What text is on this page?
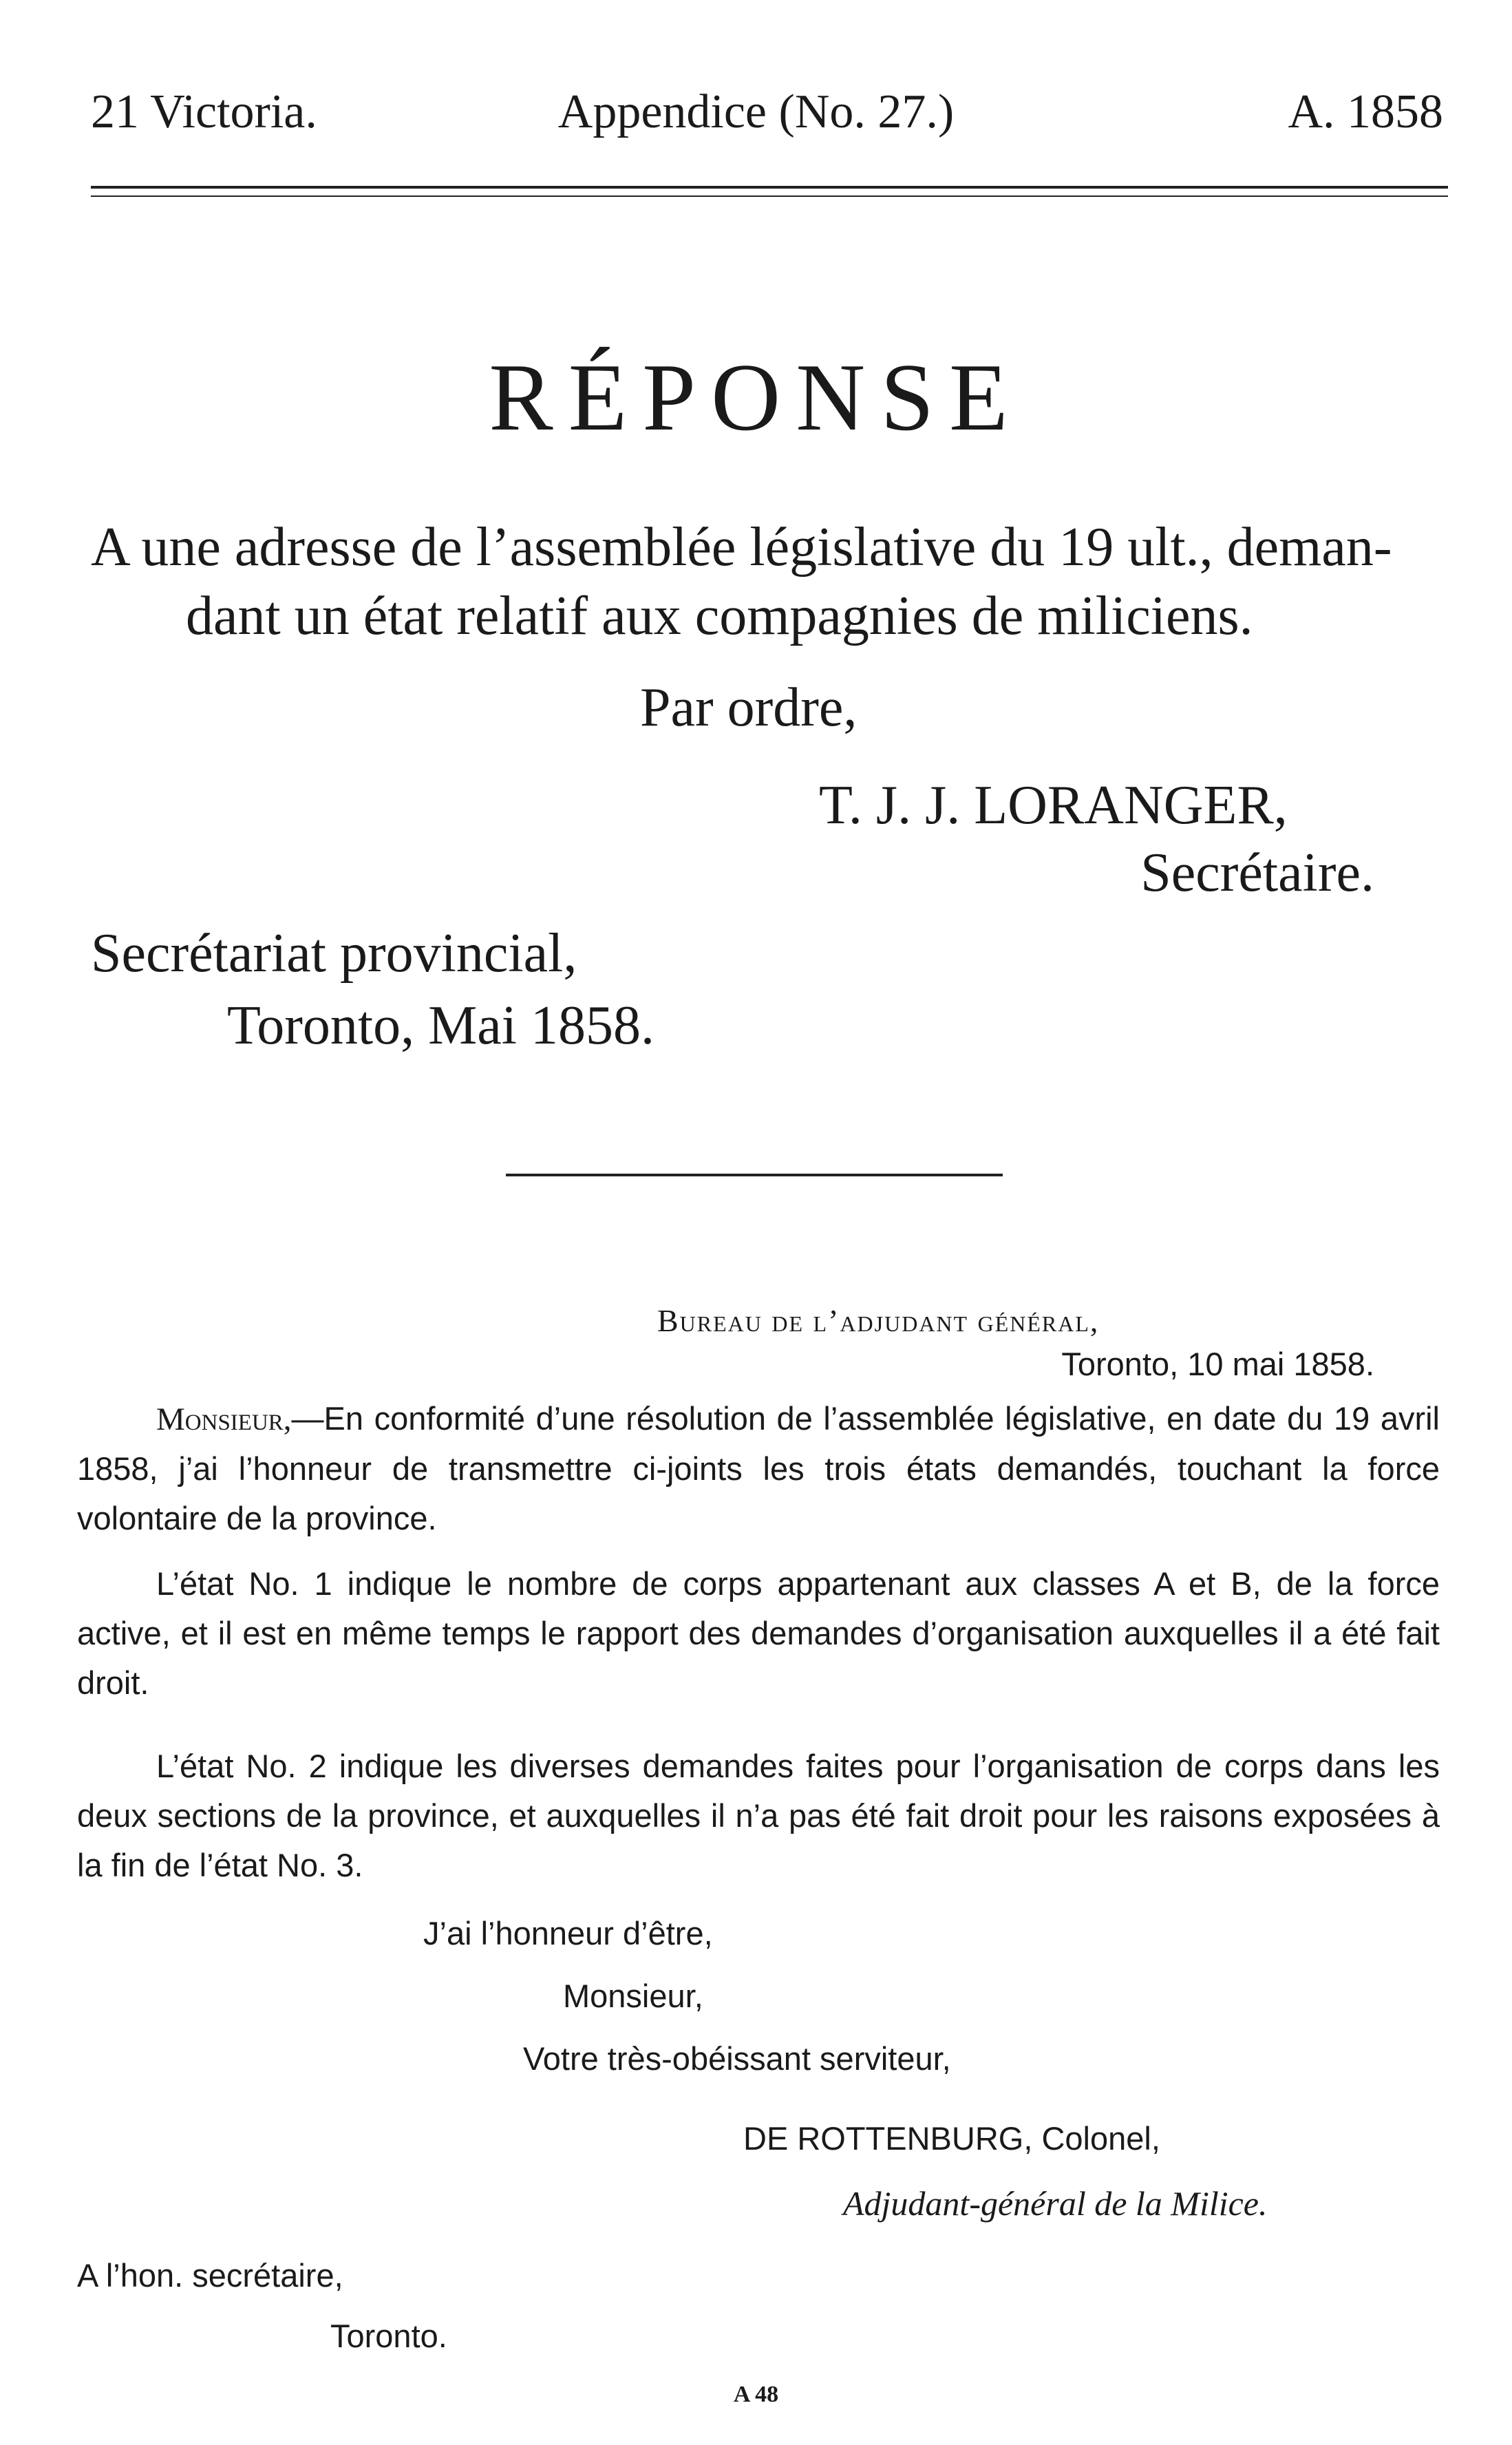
21 Victoria.	Appendice (No. 27.)	A. 1858
RÉPONSE
A une adresse de l’assemblée législative du 19 ult., deman-
dant un état relatif aux compagnies de miliciens.
Par ordre,
T. J. J. LORANGER,
Secrétaire.
Secrétariat provincial,
Toronto, Mai 1858.
Bureau de l’adjudant général,
Toronto, 10 mai 1858.
Monsieur,—En conformité d’une résolution de l’assemblée législative, en date du 19 avril 1858, j’ai l’honneur de transmettre ci-joints les trois états demandés, touchant la force volontaire de la province.
L’état No. 1 indique le nombre de corps appartenant aux classes A et B, de la force active, et il est en même temps le rapport des demandes d’organisation auxquelles il a été fait droit.
L’état No. 2 indique les diverses demandes faites pour l’organisation de corps dans les deux sections de la province, et auxquelles il n’a pas été fait droit pour les raisons exposées à la fin de l’état No. 3.
J’ai l’honneur d’être,
Monsieur,
Votre très-obéissant serviteur,
DE ROTTENBURG, Colonel,
Adjudant-général de la Milice.
A l’hon. secrétaire,
Toronto.
A 48
